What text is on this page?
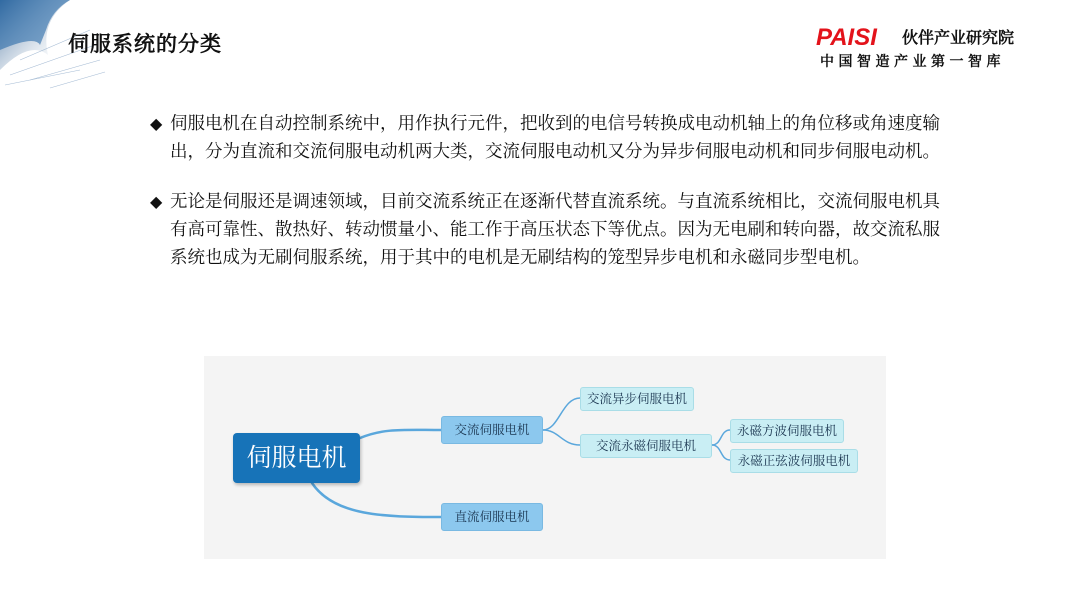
伺服系统的分类	PAISI 伙伴产业研究院
中国智造产业第一智库
◆ 伺服电机在自动控制系统中，用作执行元件，把收到的电信号转换成电动机轴上的角位移或角速度输出，分为直流和交流伺服电动机两大类，交流伺服电动机又分为异步伺服电动机和同步伺服电动机。
◆ 无论是伺服还是调速领域，目前交流系统正在逐渐代替直流系统。与直流系统相比，交流伺服电机具有高可靠性、散热好、转动惯量小、能工作于高压状态下等优点。因为无电刷和转向器，故交流私服系统也成为无刷伺服系统，用于其中的电机是无刷结构的笼型异步电机和永磁同步型电机。
伺服电机
交流伺服电机
直流伺服电机
交流异步伺服电机
交流永磁伺服电机
永磁方波伺服电机
永磁正弦波伺服电机
